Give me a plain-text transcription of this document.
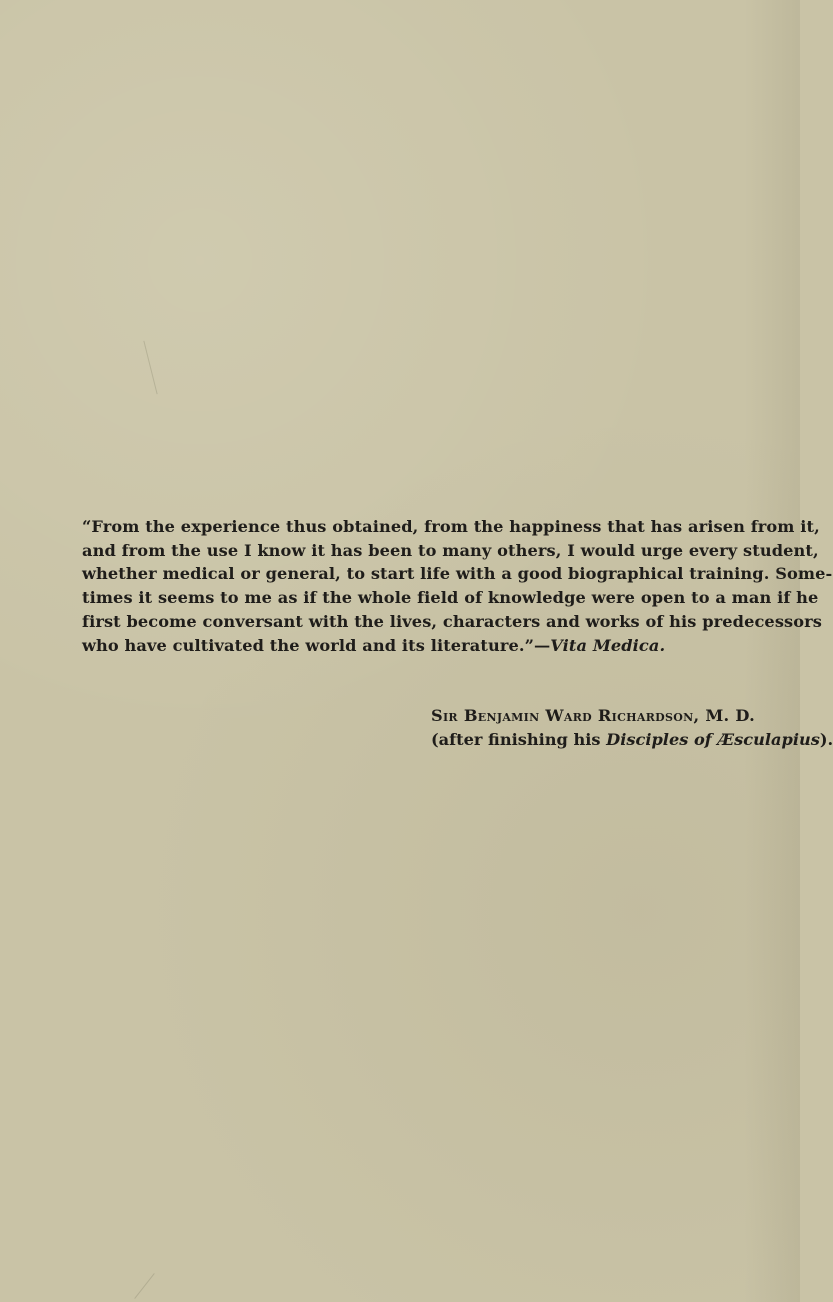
“From the experience thus obtained, from the happiness that has arisen from it,
and from the use I know it has been to many others, I would urge every student,
whether medical or general, to start life with a good biographical training. Some-
times it seems to me as if the whole field of knowledge were open to a man if he
first become conversant with the lives, characters and works of his predecessors
who have cultivated the world and its literature.”—Vita Medica.
Sir Benjamin Ward Richardson, M. D.
(after finishing his Disciples of Æsculapius).
